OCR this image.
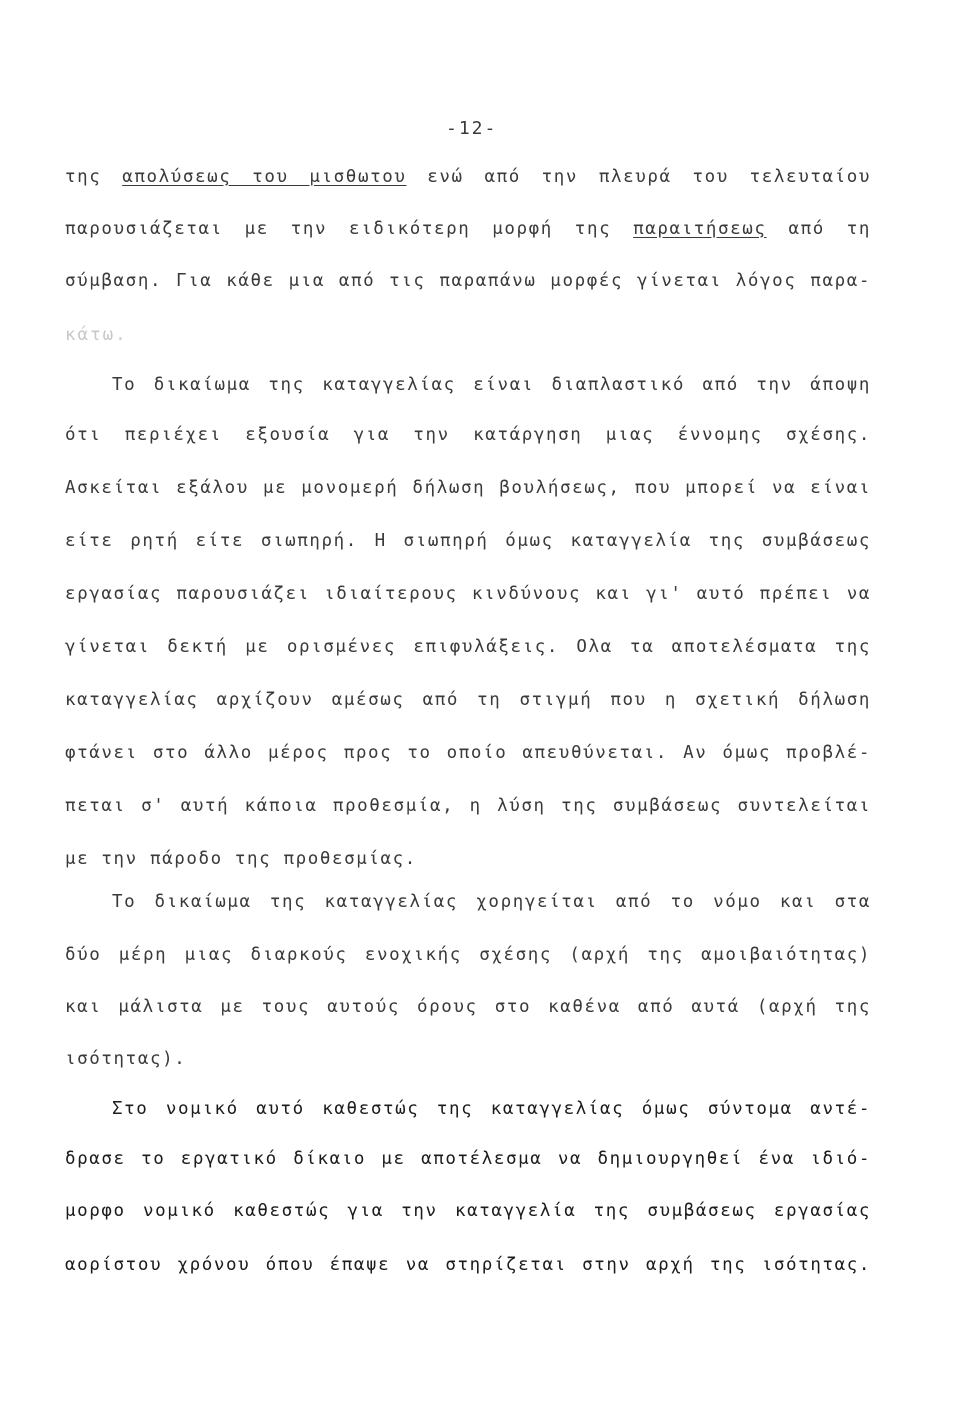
-12-
της απολύσεως του μισθωτου ενώ από την πλευρά του τελευταίου
παρουσιάζεται με την ειδικότερη μορφή της παραιτήσεως από τη
σύμβαση. Για κάθε μια από τις παραπάνω μορφές γίνεται λόγος παρα-
κάτω.
Το δικαίωμα της καταγγελίας είναι διαπλαστικό από την άποψη
ότι περιέχει εξουσία για την κατάργηση μιας έννομης σχέσης.
Ασκείται εξάλου με μονομερή δήλωση βουλήσεως, που μπορεί να είναι
είτε ρητή είτε σιωπηρή. Η σιωπηρή όμως καταγγελία της συμβάσεως
εργασίας παρουσιάζει ιδιαίτερους κινδύνους και γι' αυτό πρέπει να
γίνεται δεκτή με ορισμένες επιφυλάξεις. Ολα τα αποτελέσματα της
καταγγελίας αρχίζουν αμέσως από τη στιγμή που η σχετική δήλωση
φτάνει στο άλλο μέρος προς το οποίο απευθύνεται. Αν όμως προβλέ-
πεται σ' αυτή κάποια προθεσμία, η λύση της συμβάσεως συντελείται
με την πάροδο της προθεσμίας.
Το δικαίωμα της καταγγελίας χορηγείται από το νόμο και στα
δύο μέρη μιας διαρκούς ενοχικής σχέσης (αρχή της αμοιβαιότητας)
και μάλιστα με τους αυτούς όρους στο καθένα από αυτά (αρχή της
ισότητας).
Στο νομικό αυτό καθεστώς της καταγγελίας όμως σύντομα αντέ-
δρασε το εργατικό δίκαιο με αποτέλεσμα να δημιουργηθεί ένα ιδιό-
μορφο νομικό καθεστώς για την καταγγελία της συμβάσεως εργασίας
αορίστου χρόνου όπου έπαψε να στηρίζεται στην αρχή της ισότητας.
